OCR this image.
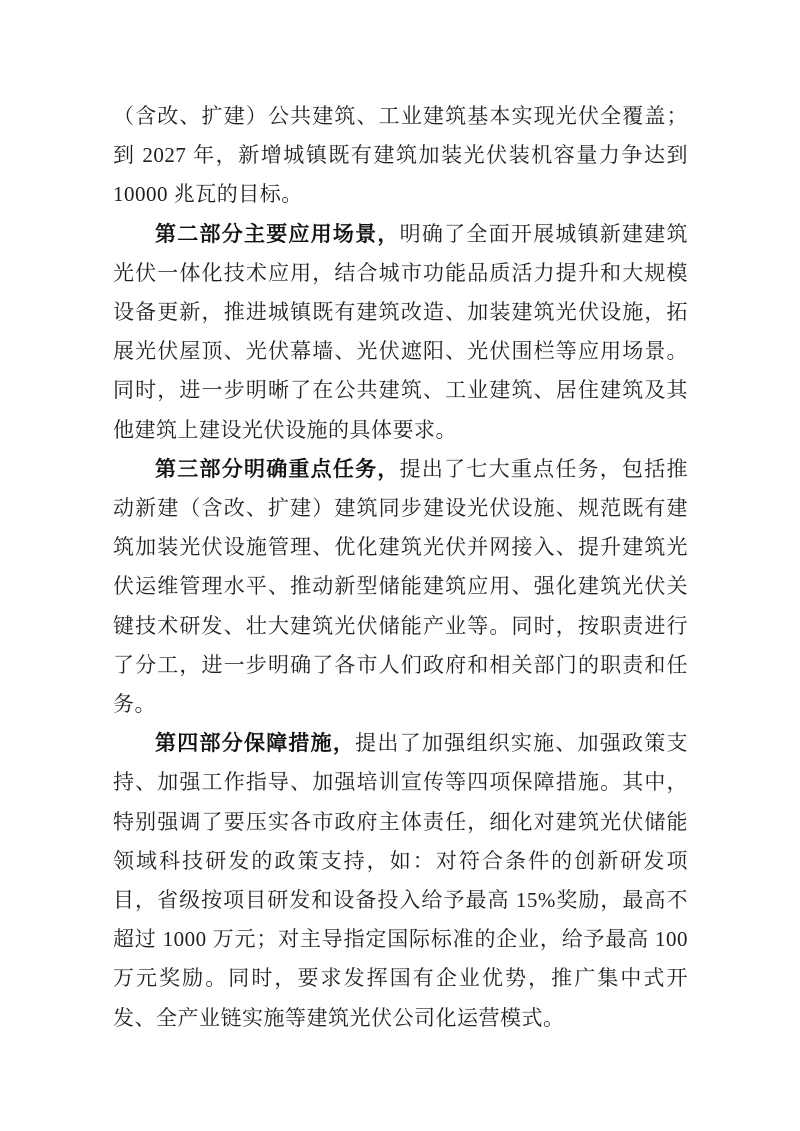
（含改、扩建）公共建筑、工业建筑基本实现光伏全覆盖；到 2027 年，新增城镇既有建筑加装光伏装机容量力争达到 10000 兆瓦的目标。

第二部分主要应用场景，明确了全面开展城镇新建建筑光伏一体化技术应用，结合城市功能品质活力提升和大规模设备更新，推进城镇既有建筑改造、加装建筑光伏设施，拓展光伏屋顶、光伏幕墙、光伏遮阳、光伏围栏等应用场景。同时，进一步明晰了在公共建筑、工业建筑、居住建筑及其他建筑上建设光伏设施的具体要求。

第三部分明确重点任务，提出了七大重点任务，包括推动新建（含改、扩建）建筑同步建设光伏设施、规范既有建筑加装光伏设施管理、优化建筑光伏并网接入、提升建筑光伏运维管理水平、推动新型储能建筑应用、强化建筑光伏关键技术研发、壮大建筑光伏储能产业等。同时，按职责进行了分工，进一步明确了各市人们政府和相关部门的职责和任务。

第四部分保障措施，提出了加强组织实施、加强政策支持、加强工作指导、加强培训宣传等四项保障措施。其中，特别强调了要压实各市政府主体责任，细化对建筑光伏储能领域科技研发的政策支持，如：对符合条件的创新研发项目，省级按项目研发和设备投入给予最高 15%奖励，最高不超过 1000 万元；对主导指定国际标准的企业，给予最高 100 万元奖励。同时，要求发挥国有企业优势，推广集中式开发、全产业链实施等建筑光伏公司化运营模式。
